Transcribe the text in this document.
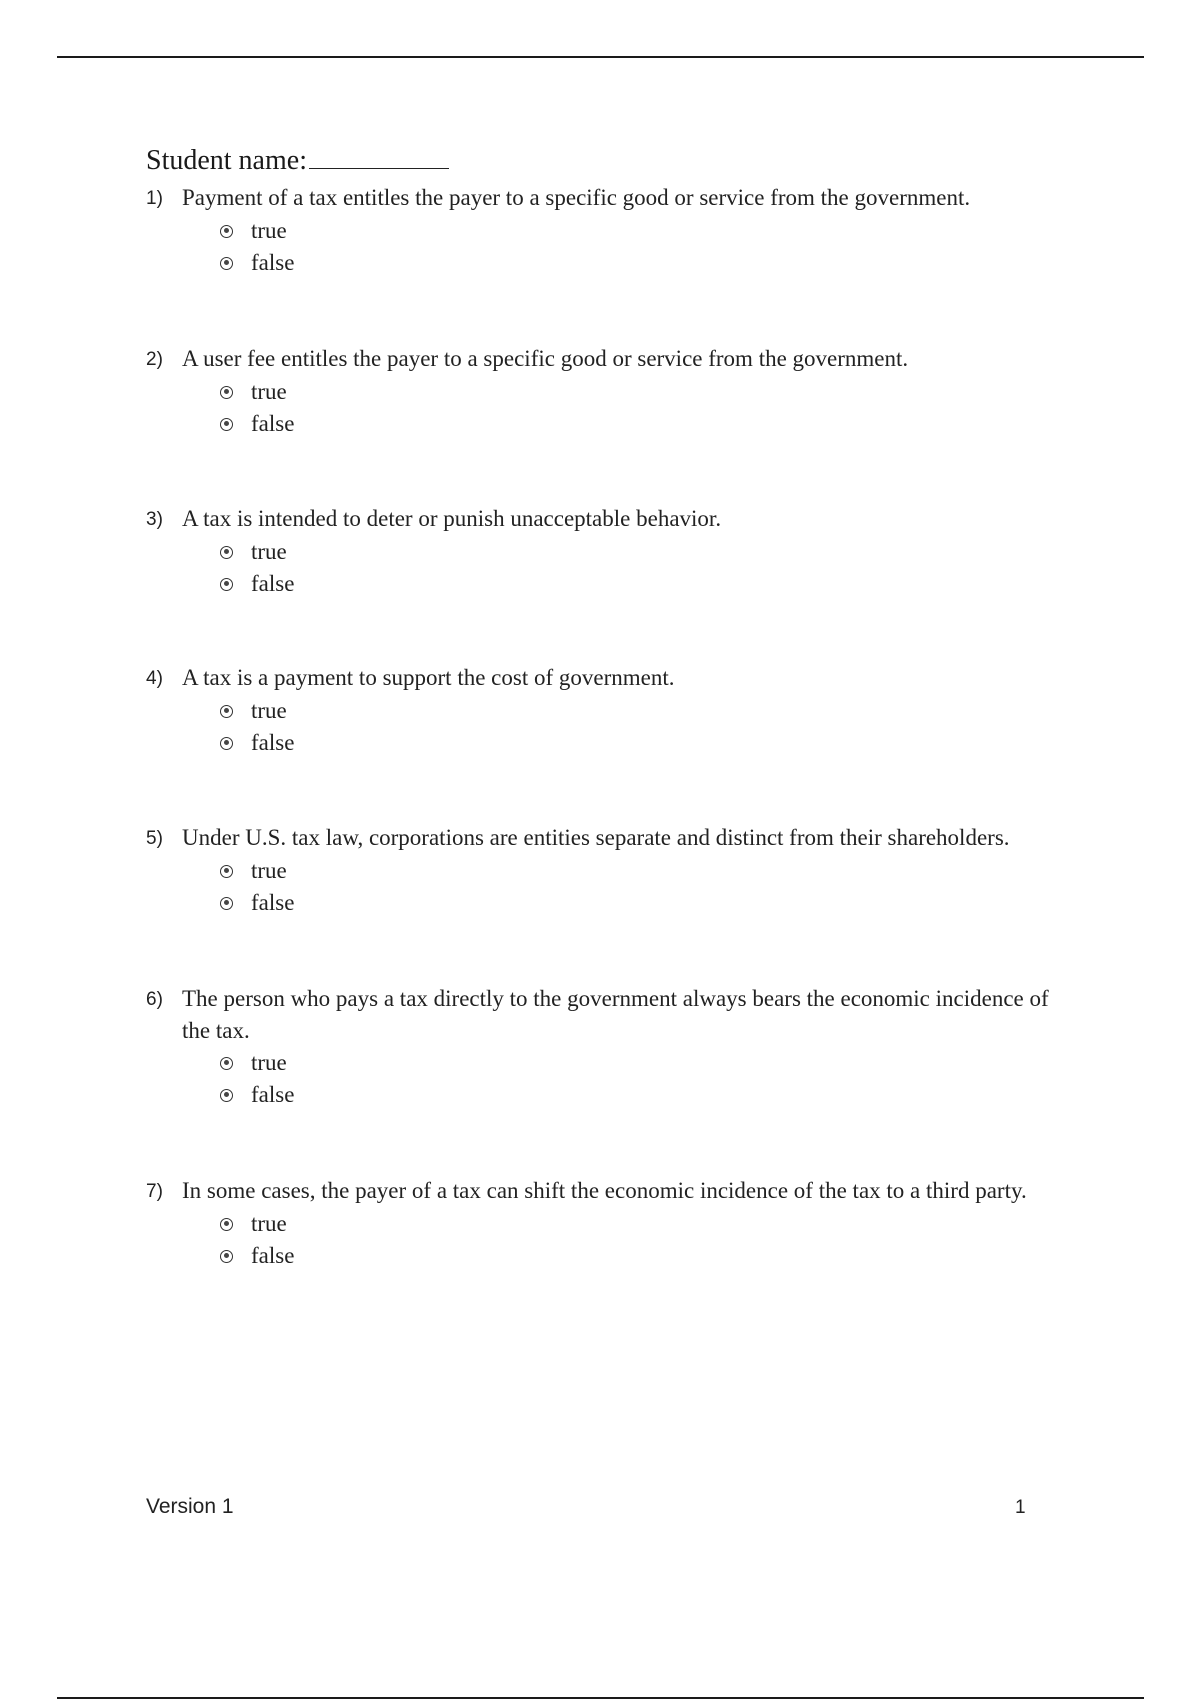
Student name:
1) Payment of a tax entitles the payer to a specific good or service from the government.
true
false
2) A user fee entitles the payer to a specific good or service from the government.
true
false
3) A tax is intended to deter or punish unacceptable behavior.
true
false
4) A tax is a payment to support the cost of government.
true
false
5) Under U.S. tax law, corporations are entities separate and distinct from their shareholders.
true
false
6) The person who pays a tax directly to the government always bears the economic incidence of the tax.
true
false
7) In some cases, the payer of a tax can shift the economic incidence of the tax to a third party.
true
false
Version 1	1
